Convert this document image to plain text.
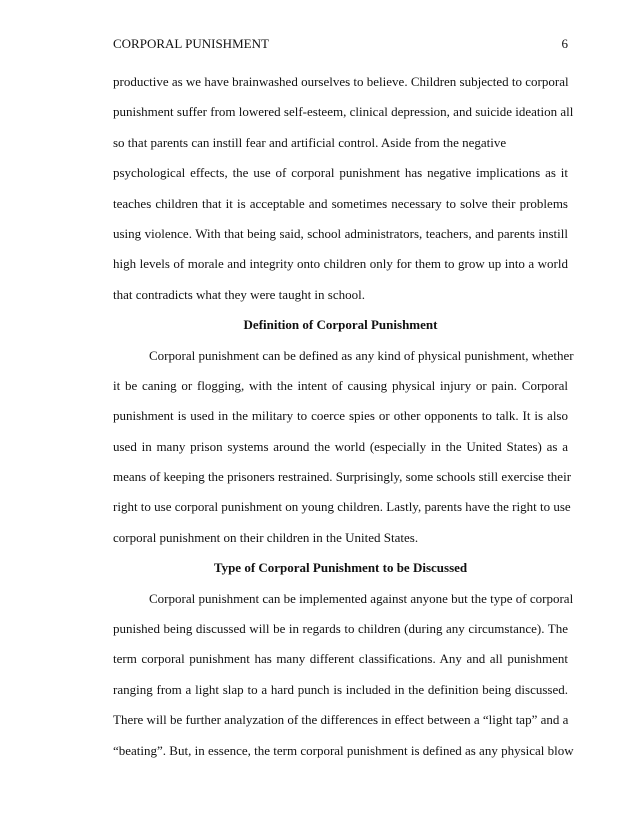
CORPORAL PUNISHMENT	6
productive as we have brainwashed ourselves to believe. Children subjected to corporal
punishment suffer from lowered self-esteem, clinical depression, and suicide ideation all
so that parents can instill fear and artificial control. Aside from the negative
psychological effects, the use of corporal punishment has negative implications as it
teaches children that it is acceptable and sometimes necessary to solve their problems
using violence. With that being said, school administrators, teachers, and parents instill
high levels of morale and integrity onto children only for them to grow up into a world
that contradicts what they were taught in school.
Definition of Corporal Punishment
Corporal punishment can be defined as any kind of physical punishment, whether
it be caning or flogging, with the intent of causing physical injury or pain. Corporal
punishment is used in the military to coerce spies or other opponents to talk. It is also
used in many prison systems around the world (especially in the United States) as a
means of keeping the prisoners restrained. Surprisingly, some schools still exercise their
right to use corporal punishment on young children. Lastly, parents have the right to use
corporal punishment on their children in the United States.
Type of Corporal Punishment to be Discussed
Corporal punishment can be implemented against anyone but the type of corporal
punished being discussed will be in regards to children (during any circumstance). The
term corporal punishment has many different classifications. Any and all punishment
ranging from a light slap to a hard punch is included in the definition being discussed.
There will be further analyzation of the differences in effect between a “light tap” and a
“beating”. But, in essence, the term corporal punishment is defined as any physical blow
